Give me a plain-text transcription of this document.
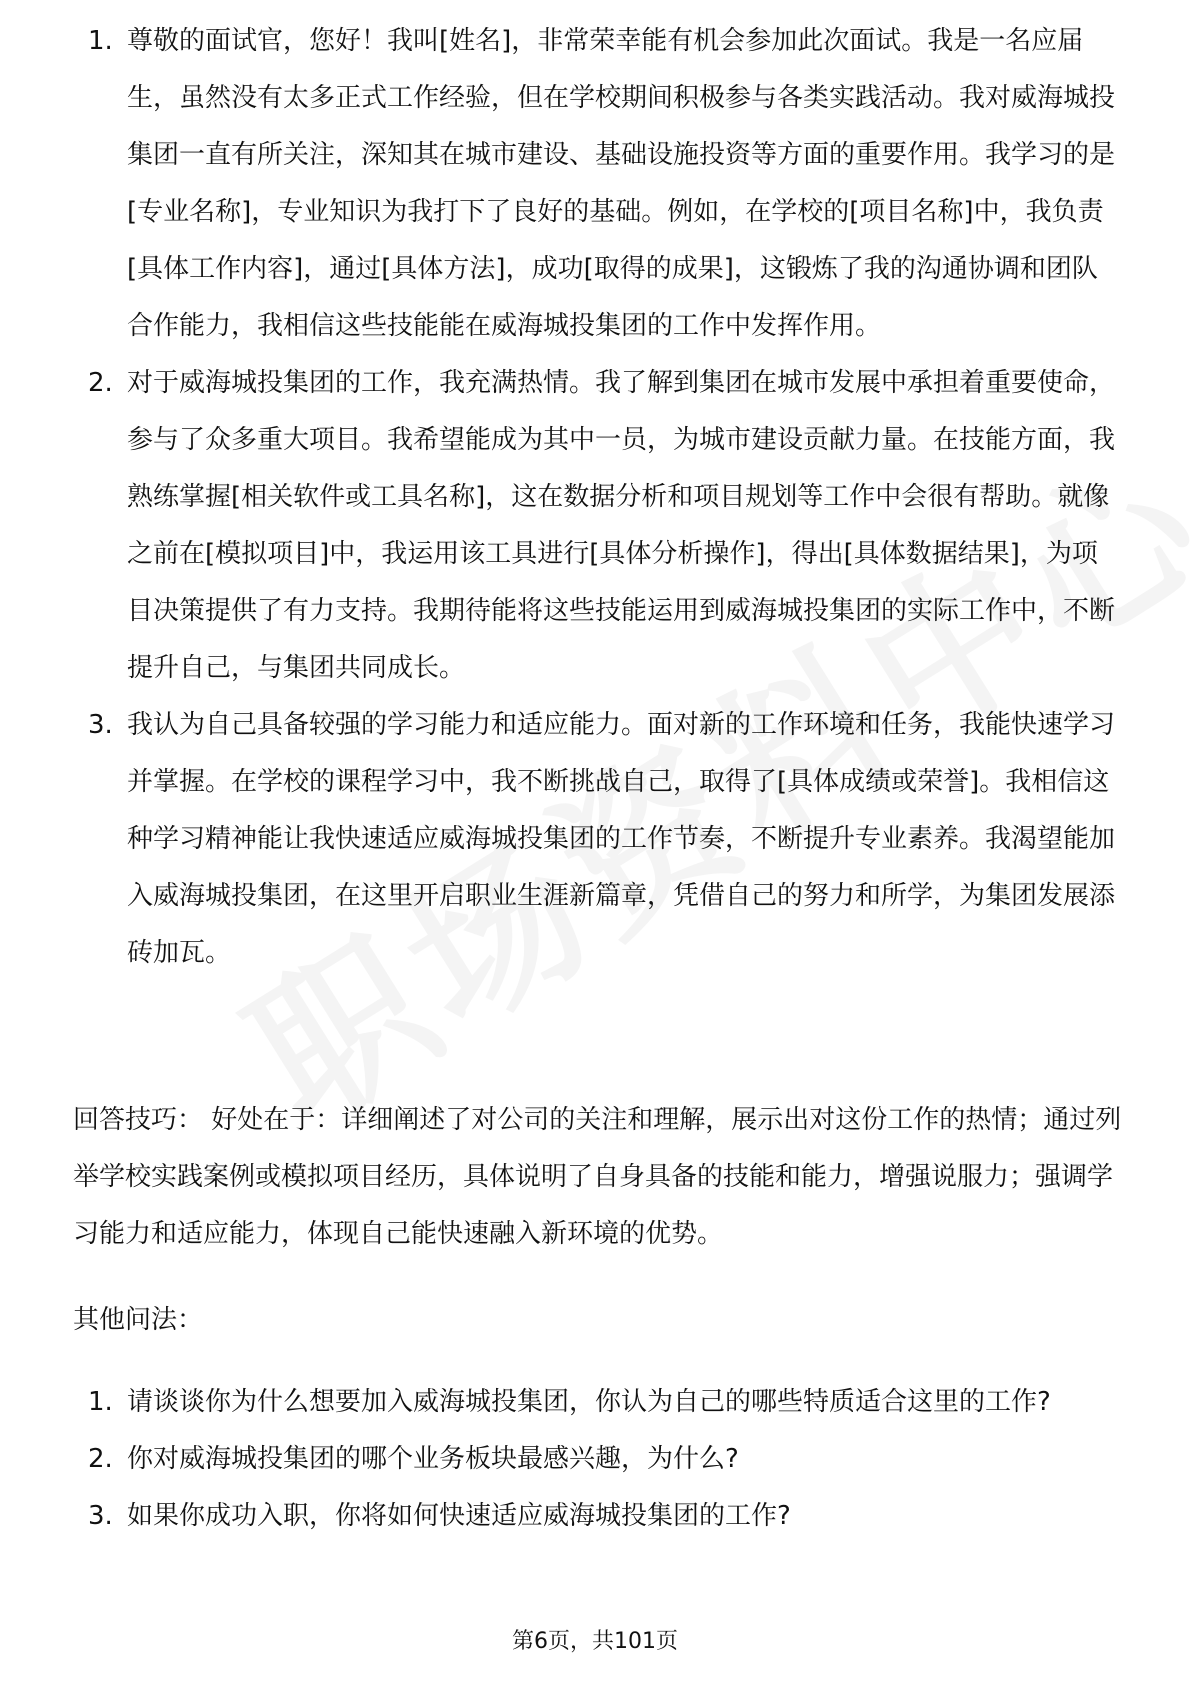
1. 尊敬的面试官，您好！我叫[姓名]，非常荣幸能有机会参加此次面试。我是一名应届生，虽然没有太多正式工作经验，但在学校期间积极参与各类实践活动。我对威海城投集团一直有所关注，深知其在城市建设、基础设施投资等方面的重要作用。我学习的是[专业名称]，专业知识为我打下了良好的基础。例如，在学校的[项目名称]中，我负责[具体工作内容]，通过[具体方法]，成功[取得的成果]，这锻炼了我的沟通协调和团队合作能力，我相信这些技能能在威海城投集团的工作中发挥作用。
2. 对于威海城投集团的工作，我充满热情。我了解到集团在城市发展中承担着重要使命，参与了众多重大项目。我希望能成为其中一员，为城市建设贡献力量。在技能方面，我熟练掌握[相关软件或工具名称]，这在数据分析和项目规划等工作中会很有帮助。就像之前在[模拟项目]中，我运用该工具进行[具体分析操作]，得出[具体数据结果]，为项目决策提供了有力支持。我期待能将这些技能运用到威海城投集团的实际工作中，不断提升自己，与集团共同成长。
3. 我认为自己具备较强的学习能力和适应能力。面对新的工作环境和任务，我能快速学习并掌握。在学校的课程学习中，我不断挑战自己，取得了[具体成绩或荣誉]。我相信这种学习精神能让我快速适应威海城投集团的工作节奏，不断提升专业素养。我渴望能加入威海城投集团，在这里开启职业生涯新篇章，凭借自己的努力和所学，为集团发展添砖加瓦。

回答技巧： 好处在于：详细阐述了对公司的关注和理解，展示出对这份工作的热情；通过列举学校实践案例或模拟项目经历，具体说明了自身具备的技能和能力，增强说服力；强调学习能力和适应能力，体现自己能快速融入新环境的优势。

其他问法：

1. 请谈谈你为什么想要加入威海城投集团，你认为自己的哪些特质适合这里的工作?
2. 你对威海城投集团的哪个业务板块最感兴趣，为什么?
3. 如果你成功入职，你将如何快速适应威海城投集团的工作?
第6页，共101页
